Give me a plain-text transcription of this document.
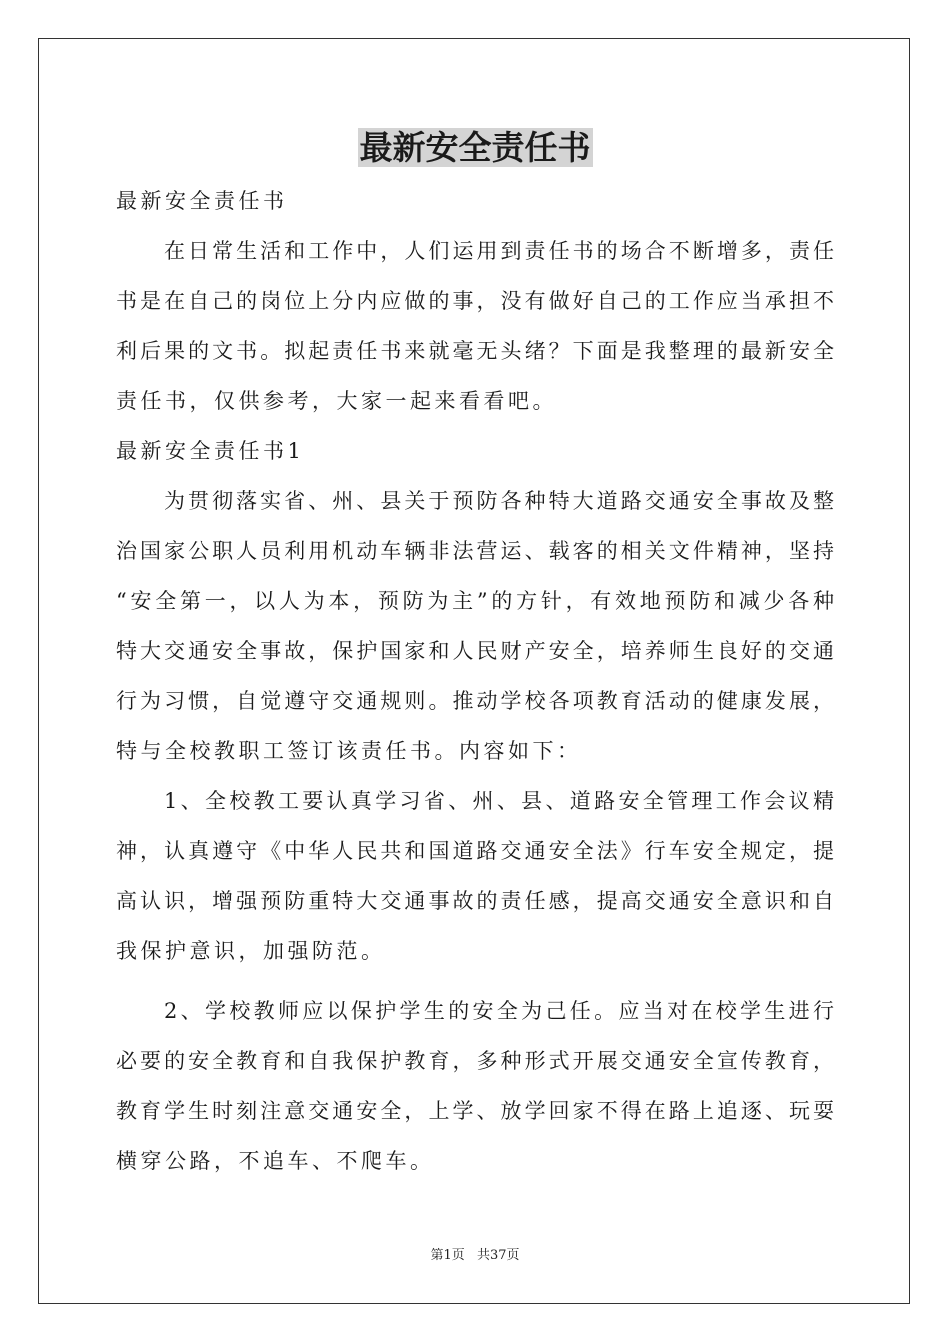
最新安全责任书

最新安全责任书

在日常生活和工作中，人们运用到责任书的场合不断增多，责任

书是在自己的岗位上分内应做的事，没有做好自己的工作应当承担不

利后果的文书。拟起责任书来就毫无头绪？下面是我整理的最新安全

责任书，仅供参考，大家一起来看看吧。

最新安全责任书1

为贯彻落实省、州、县关于预防各种特大道路交通安全事故及整

治国家公职人员利用机动车辆非法营运、载客的相关文件精神，坚持

“安全第一，以人为本，预防为主”的方针，有效地预防和减少各种

特大交通安全事故，保护国家和人民财产安全，培养师生良好的交通

行为习惯，自觉遵守交通规则。推动学校各项教育活动的健康发展，

特与全校教职工签订该责任书。内容如下：

1、全校教工要认真学习省、州、县、道路安全管理工作会议精

神，认真遵守《中华人民共和国道路交通安全法》行车安全规定，提

高认识，增强预防重特大交通事故的责任感，提高交通安全意识和自

我保护意识，加强防范。

2、学校教师应以保护学生的安全为己任。应当对在校学生进行

必要的安全教育和自我保护教育，多种形式开展交通安全宣传教育，

教育学生时刻注意交通安全，上学、放学回家不得在路上追逐、玩耍

横穿公路，不追车、不爬车。

第1页 共37页
